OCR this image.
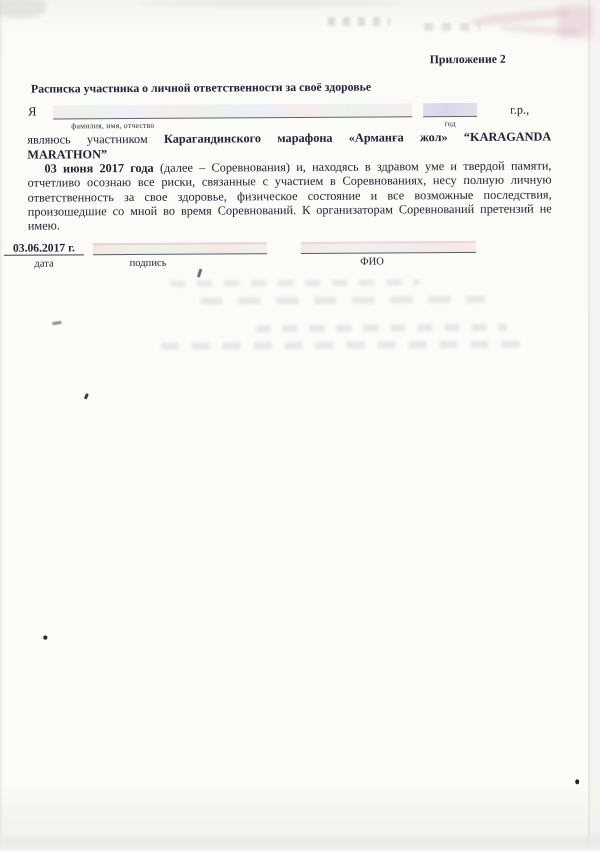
Приложение 2
Расписка участника о личной ответственности за своё здоровье
Я
фамилия, имя, отчество	год
г.р.,
являюсь участником Карагандинского марафона «Арманға жол» “KARAGANDA
MARATHON”
03 июня 2017 года (далее – Соревнования) и, находясь в здравом уме и твердой памяти, отчетливо осознаю все риски, связанные с участием в Соревнованиях, несу полную личную ответственность за свое здоровье, физическое состояние и все возможные последствия, произошедшие со мной во время Соревнований. К организаторам Соревнований претензий не имею.
03.06.2017 г.
дата	подпись	ФИО
